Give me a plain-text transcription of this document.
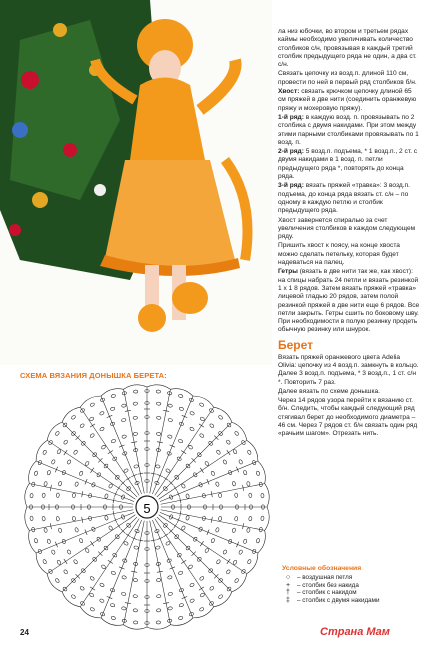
ла низ юбочки, во втором и третьем рядах каймы необходимо увеличивать количество столбиков с/н, провязывая в каждый третий столбик предыдущего ряда не один, а два ст. с/н.

Связать цепочку из возд.п. длиной 110 см, провести по ней в первый ряд столбиков б/н.

Хвост: связать крючком цепочку длиной 65 см пряжей в две нити (соединить оранжевую пряжу и мохеровую пряжу).

1-й ряд: в каждую возд. п. провязывать по 2 столбика с двумя накидами. При этом между этими парными столбиками провязывать по 1 возд. п.

2-й ряд: 5 возд.п. подъема, * 1 возд.п., 2 ст. с двумя накидами в 1 возд. п. петли предыдущего ряда *, повторять до конца ряда.

3-й ряд: вязать пряжей «травка»: 3 возд.п. подъема, до конца ряда вязать ст. с/н – по одному в каждую петлю и столбик предыдущего ряда.

Хвост завернется спиралью за счет увеличения столбиков в каждом следующем ряду.

Пришить хвост к поясу, на конце хвоста можно сделать петельку, которая будет надеваться на палец.

Гетры (вязать в две нити так же, как хвост): на спицы набрать 24 петли и вязать резинкой 1 x 1 8 рядов. Затем вязать пряжей «травка» лицевой гладью 20 рядов, затем полой резинкой пряжей в две нити еще 6 рядов. Все петли закрыть. Гетры сшить по боковому шву. При необходимости в полую резинку продеть обычную резинку или шнурок.

Берет

Вязать пряжей оранжевого цвета Adelia Olivia: цепочку из 4 возд.п. замкнуть в кольцо. Далее 3 возд.п. подъема, * 3 возд.п., 1 ст. с/н *. Повторить 7 раз.

Далее вязать по схеме донышка.

Через 14 рядов узора перейти к вязанию ст. б/н. Следить, чтобы каждый следующий ряд стягивал берет до необходимого диаметра – 46 см. Через 7 рядов ст. б/н связать один ряд «рачьим шагом». Отрезать нить.

СХЕМА ВЯЗАНИЯ ДОНЫШКА БЕРЕТА:
5
Условные обозначения
○	– воздушная петля
+	– столбик без накида
†	– столбик с накидом
‡	– столбик с двумя накидами
24	Страна Мам
